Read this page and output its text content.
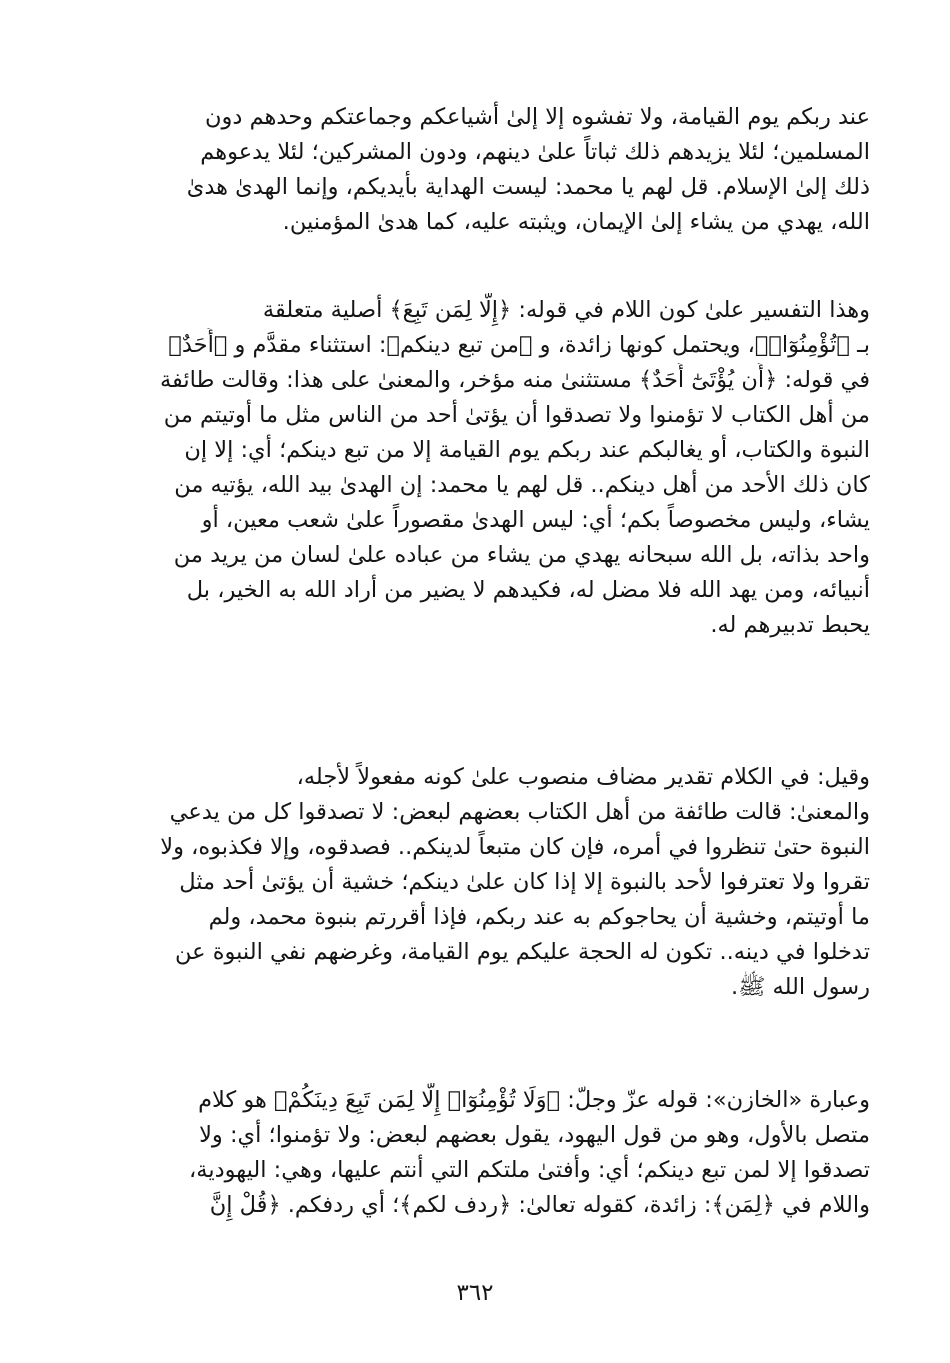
عند ربكم يوم القيامة، ولا تفشوه إلا إلىٰ أشياعكم وجماعتكم وحدهم دون
المسلمين؛ لئلا يزيدهم ذلك ثباتاً علىٰ دينهم، ودون المشركين؛ لئلا يدعوهم
ذلك إلىٰ الإسلام. قل لهم يا محمد: ليست الهداية بأيديكم، وإنما الهدىٰ هدىٰ
الله، يهدي من يشاء إلىٰ الإيمان، ويثبته عليه، كما هدىٰ المؤمنين.
وهذا التفسير علىٰ كون اللام في قوله: ﴿إِلَّا لِمَن تَبِعَ﴾ أصلية متعلقة
بـ ﴿تُؤْمِنُوٓا۟﴾، ويحتمل كونها زائدة، و ﴿من تبع دينكم﴾: استثناء مقدَّم و ﴿أَحَدٌ﴾
في قوله: ﴿أَن يُؤْتَىٰٓ أَحَدٌ﴾ مستثنىٰ منه مؤخر، والمعنىٰ على هذا: وقالت طائفة
من أهل الكتاب لا تؤمنوا ولا تصدقوا أن يؤتىٰ أحد من الناس مثل ما أوتيتم من
النبوة والكتاب، أو يغالبكم عند ربكم يوم القيامة إلا من تبع دينكم؛ أي: إلا إن
كان ذلك الأحد من أهل دينكم.. قل لهم يا محمد: إن الهدىٰ بيد الله، يؤتيه من
يشاء، وليس مخصوصاً بكم؛ أي: ليس الهدىٰ مقصوراً علىٰ شعب معين، أو
واحد بذاته، بل الله سبحانه يهدي من يشاء من عباده علىٰ لسان من يريد من
أنبيائه، ومن يهد الله فلا مضل له، فكيدهم لا يضير من أراد الله به الخير، بل
يحبط تدبيرهم له.
وقيل: في الكلام تقدير مضاف منصوب علىٰ كونه مفعولاً لأجله،
والمعنىٰ: قالت طائفة من أهل الكتاب بعضهم لبعض: لا تصدقوا كل من يدعي
النبوة حتىٰ تنظروا في أمره، فإن كان متبعاً لدينكم.. فصدقوه، وإلا فكذبوه، ولا
تقروا ولا تعترفوا لأحد بالنبوة إلا إذا كان علىٰ دينكم؛ خشية أن يؤتىٰ أحد مثل
ما أوتيتم، وخشية أن يحاجوكم به عند ربكم، فإذا أقررتم بنبوة محمد، ولم
تدخلوا في دينه.. تكون له الحجة عليكم يوم القيامة، وغرضهم نفي النبوة عن
رسول الله ﷺ.
وعبارة «الخازن»: قوله عزّ وجلّ: ﴿وَلَا تُؤْمِنُوٓا۟ إِلَّا لِمَن تَبِعَ دِينَكُمْ﴾ هو كلام
متصل بالأول، وهو من قول اليهود، يقول بعضهم لبعض: ولا تؤمنوا؛ أي: ولا
تصدقوا إلا لمن تبع دينكم؛ أي: وأفتىٰ ملتكم التي أنتم عليها، وهي: اليهودية،
واللام في ﴿لِمَن﴾: زائدة، كقوله تعالىٰ: ﴿ردف لكم﴾؛ أي ردفكم. ﴿قُلْ إِنَّ
٣٦٢
